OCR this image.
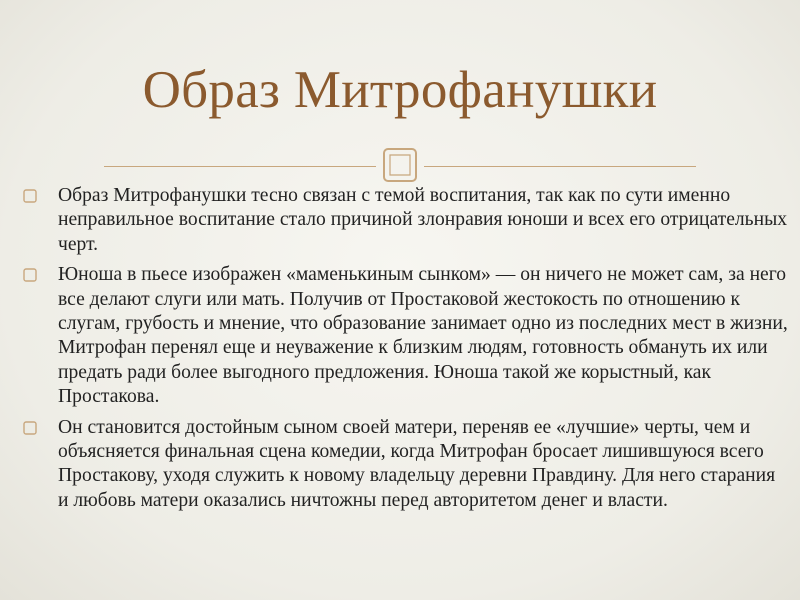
Образ Митрофанушки
Образ Митрофанушки тесно связан с темой воспитания, так как по сути именно неправильное воспитание стало причиной злонравия юноши и всех его отрицательных черт.
Юноша в пьесе изображен «маменькиным сынком» — он ничего не может сам, за него все делают слуги или мать. Получив от Простаковой жестокость по отношению к слугам, грубость и мнение, что образование занимает одно из последних мест в жизни, Митрофан перенял еще и неуважение к близким людям, готовность обмануть их или предать ради более выгодного предложения. Юноша такой же корыстный, как Простакова.
Он становится достойным сыном своей матери, переняв ее «лучшие» черты, чем и объясняется финальная сцена комедии, когда Митрофан бросает лишившуюся всего Простакову, уходя служить к новому владельцу деревни Правдину. Для него старания и любовь матери оказались ничтожны перед авторитетом денег и власти.
